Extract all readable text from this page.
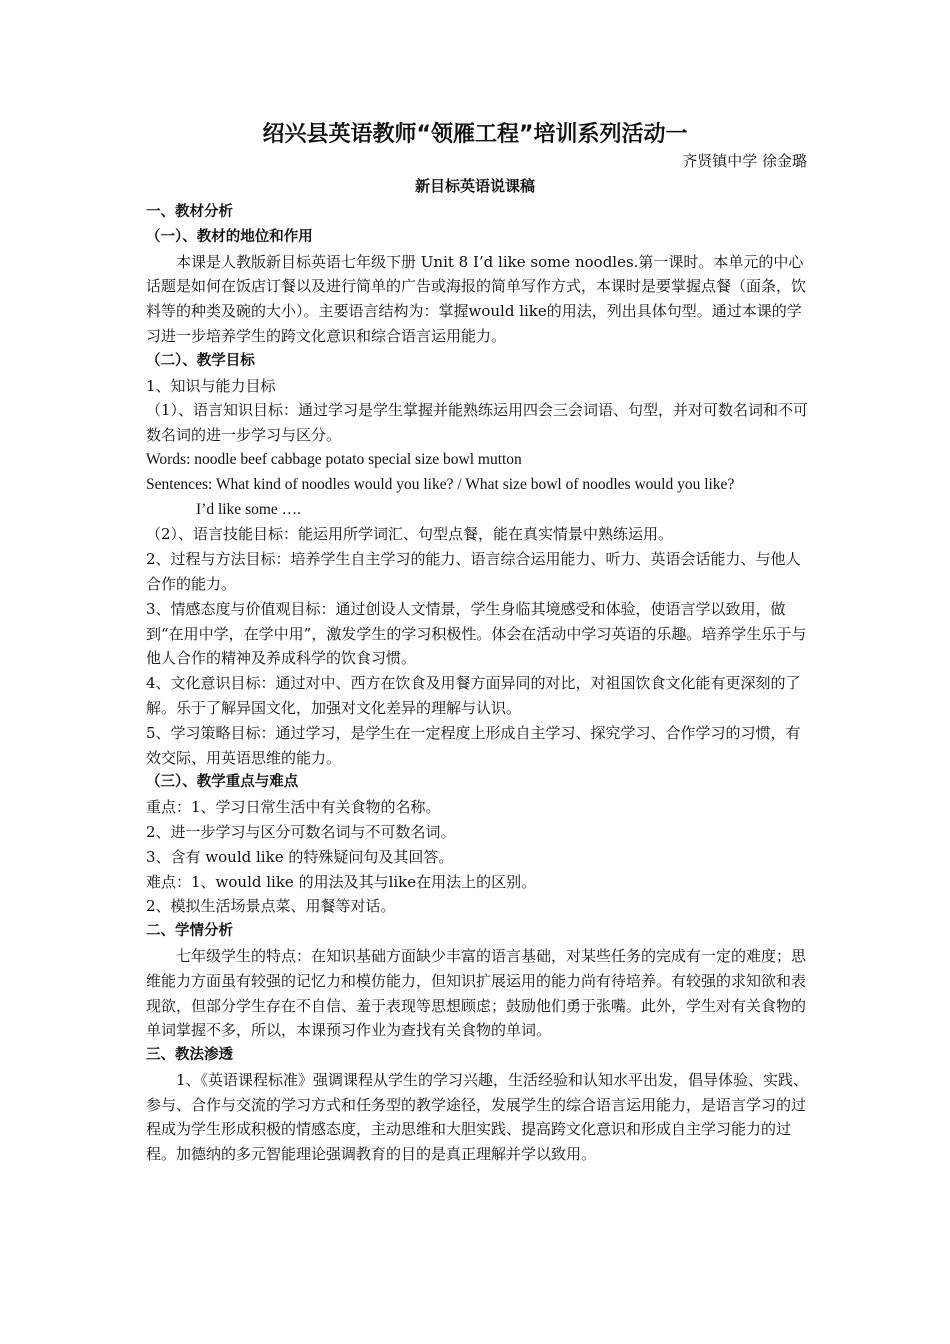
绍兴县英语教师“领雁工程”培训系列活动一
齐贤镇中学 徐金璐
新目标英语说课稿

一、教材分析

（一）、教材的地位和作用

本课是人教版新目标英语七年级下册 Unit 8 I’d like some noodles.第一课时。本单元的中心话题是如何在饭店订餐以及进行简单的广告或海报的简单写作方式，本课时是要掌握点餐（面条，饮料等的种类及碗的大小）。主要语言结构为：掌握would like的用法，列出具体句型。通过本课的学习进一步培养学生的跨文化意识和综合语言运用能力。

（二）、教学目标

1、知识与能力目标

（1）、语言知识目标：通过学习是学生掌握并能熟练运用四会三会词语、句型，并对可数名词和不可数名词的进一步学习与区分。

Words: noodle beef cabbage potato special size bowl mutton

Sentences: What kind of noodles would you like? / What size bowl of noodles would you like?

I’d like some ….

（2）、语言技能目标：能运用所学词汇、句型点餐，能在真实情景中熟练运用。

2、过程与方法目标：培养学生自主学习的能力、语言综合运用能力、听力、英语会话能力、与他人合作的能力。

3、情感态度与价值观目标：通过创设人文情景，学生身临其境感受和体验，使语言学以致用，做到“在用中学，在学中用”，激发学生的学习积极性。体会在活动中学习英语的乐趣。培养学生乐于与他人合作的精神及养成科学的饮食习惯。

4、文化意识目标：通过对中、西方在饮食及用餐方面异同的对比，对祖国饮食文化能有更深刻的了解。乐于了解异国文化，加强对文化差异的理解与认识。

5、学习策略目标：通过学习，是学生在一定程度上形成自主学习、探究学习、合作学习的习惯，有效交际、用英语思维的能力。

（三）、教学重点与难点

重点：1、学习日常生活中有关食物的名称。

2、进一步学习与区分可数名词与不可数名词。

3、含有 would like 的特殊疑问句及其回答。

难点：1、would like 的用法及其与like在用法上的区别。

2、模拟生活场景点菜、用餐等对话。

二、学情分析

七年级学生的特点：在知识基础方面缺少丰富的语言基础，对某些任务的完成有一定的难度；思维能力方面虽有较强的记忆力和模仿能力，但知识扩展运用的能力尚有待培养。有较强的求知欲和表现欲，但部分学生存在不自信、羞于表现等思想顾虑；鼓励他们勇于张嘴。此外，学生对有关食物的单词掌握不多，所以，本课预习作业为查找有关食物的单词。

三、教法渗透

1、《英语课程标准》强调课程从学生的学习兴趣，生活经验和认知水平出发，倡导体验、实践、参与、合作与交流的学习方式和任务型的教学途径，发展学生的综合语言运用能力，是语言学习的过程成为学生形成积极的情感态度，主动思维和大胆实践、提高跨文化意识和形成自主学习能力的过程。加德纳的多元智能理论强调教育的目的是真正理解并学以致用。
